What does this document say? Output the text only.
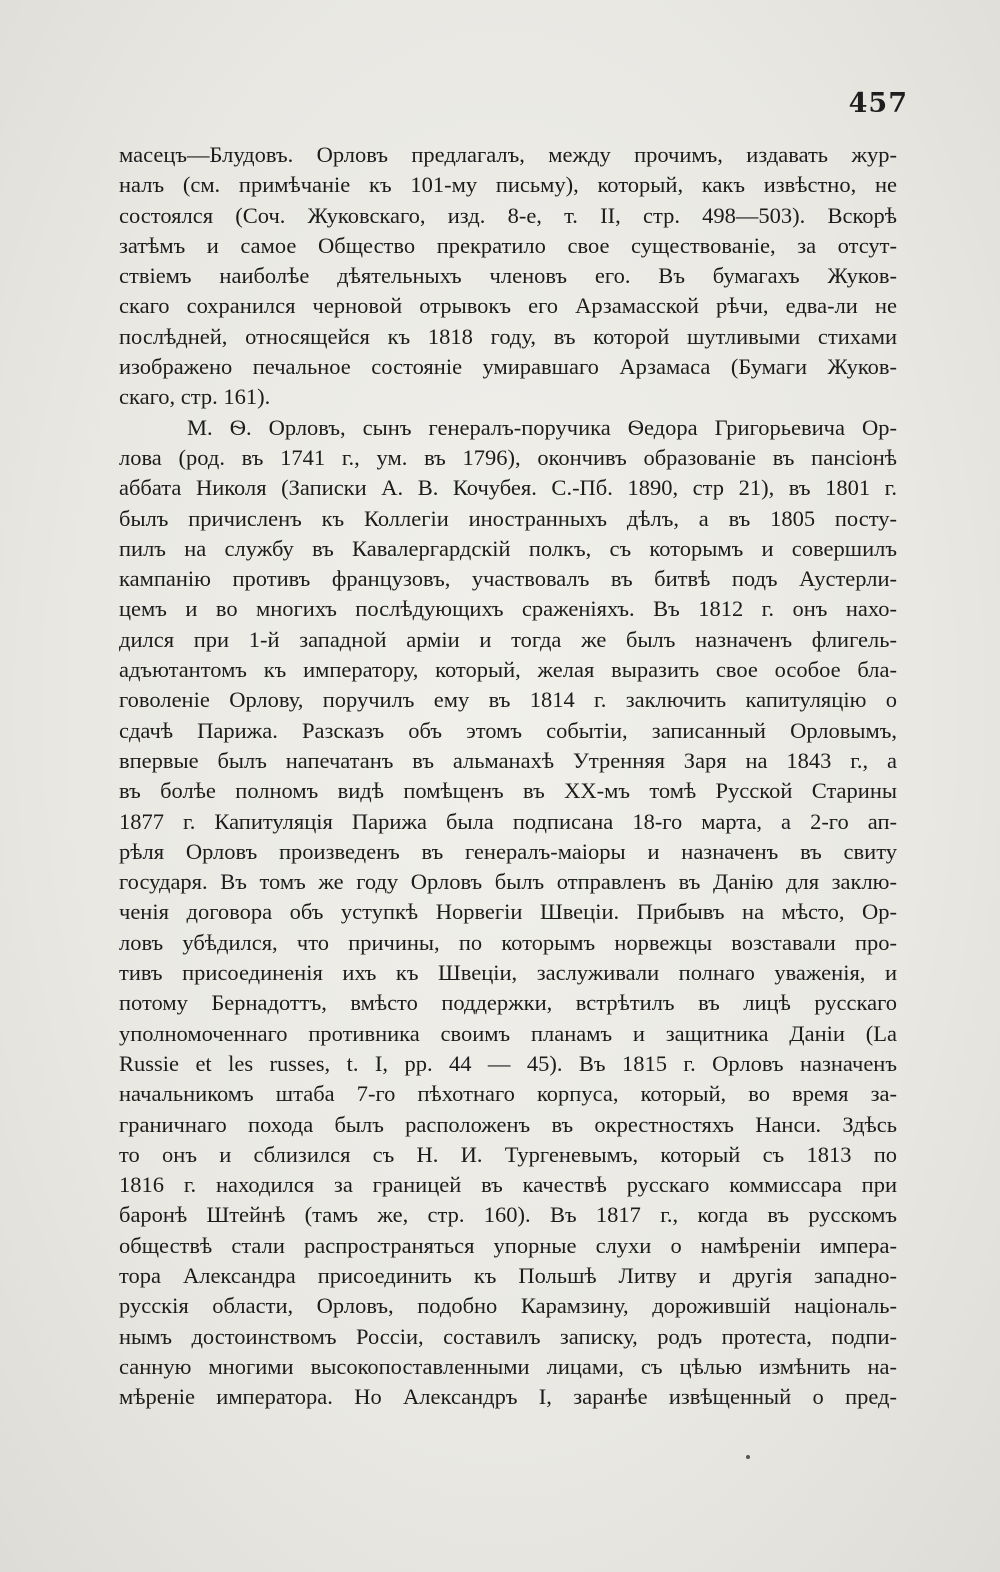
457
масецъ—Блудовъ. Орловъ предлагалъ, между прочимъ, издавать жур-
налъ (см. примѣчаніе къ 101-му письму), который, какъ извѣстно, не
состоялся (Соч. Жуковскаго, изд. 8-е, т. II, стр. 498—503). Вскорѣ
затѣмъ и самое Общество прекратило свое существованіе, за отсут-
ствіемъ наиболѣе дѣятельныхъ членовъ его. Въ бумагахъ Жуков-
скаго сохранился черновой отрывокъ его Арзамасской рѣчи, едва-ли не
послѣдней, относящейся къ 1818 году, въ которой шутливыми стихами
изображено печальное состояніе умиравшаго Арзамаса (Бумаги Жуков-
скаго, стр. 161).
М. Ѳ. Орловъ, сынъ генералъ-поручика Ѳедора Григорьевича Ор-
лова (род. въ 1741 г., ум. въ 1796), окончивъ образованіе въ пансіонѣ
аббата Николя (Записки А. В. Кочубея. С.-Пб. 1890, стр 21), въ 1801 г.
былъ причисленъ къ Коллегіи иностранныхъ дѣлъ, а въ 1805 посту-
пилъ на службу въ Кавалергардскій полкъ, съ которымъ и совершилъ
кампанію противъ французовъ, участвовалъ въ битвѣ подъ Аустерли-
цемъ и во многихъ послѣдующихъ сраженіяхъ. Въ 1812 г. онъ нахо-
дился при 1-й западной арміи и тогда же былъ назначенъ флигель-
адъютантомъ къ императору, который, желая выразить свое особое бла-
говоленіе Орлову, поручилъ ему въ 1814 г. заключить капитуляцію о
сдачѣ Парижа. Разсказъ объ этомъ событіи, записанный Орловымъ,
впервые былъ напечатанъ въ альманахѣ Утренняя Заря на 1843 г., а
въ болѣе полномъ видѣ помѣщенъ въ XX-мъ томѣ Русской Старины
1877 г. Капитуляція Парижа была подписана 18-го марта, а 2-го ап-
рѣля Орловъ произведенъ въ генералъ-маіоры и назначенъ въ свиту
государя. Въ томъ же году Орловъ былъ отправленъ въ Данію для заклю-
ченія договора объ уступкѣ Норвегіи Швеціи. Прибывъ на мѣсто, Ор-
ловъ убѣдился, что причины, по которымъ норвежцы возставали про-
тивъ присоединенія ихъ къ Швеціи, заслуживали полнаго уваженія, и
потому Бернадоттъ, вмѣсто поддержки, встрѣтилъ въ лицѣ русскаго
уполномоченнаго противника своимъ планамъ и защитника Даніи (La
Russie et les russes, t. I, pp. 44 — 45). Въ 1815 г. Орловъ назначенъ
начальникомъ штаба 7-го пѣхотнаго корпуса, который, во время за-
граничнаго похода былъ расположенъ въ окрестностяхъ Нанси. Здѣсь
то онъ и сблизился съ Н. И. Тургеневымъ, который съ 1813 по
1816 г. находился за границей въ качествѣ русскаго коммиссара при
баронѣ Штейнѣ (тамъ же, стр. 160). Въ 1817 г., когда въ русскомъ
обществѣ стали распространяться упорные слухи о намѣреніи импера-
тора Александра присоединить къ Польшѣ Литву и другія западно-
русскія области, Орловъ, подобно Карамзину, дорожившій національ-
нымъ достоинствомъ Россіи, составилъ записку, родъ протеста, подпи-
санную многими высокопоставленными лицами, съ цѣлью измѣнить на-
мѣреніе императора. Но Александръ I, заранѣе извѣщенный о пред-
